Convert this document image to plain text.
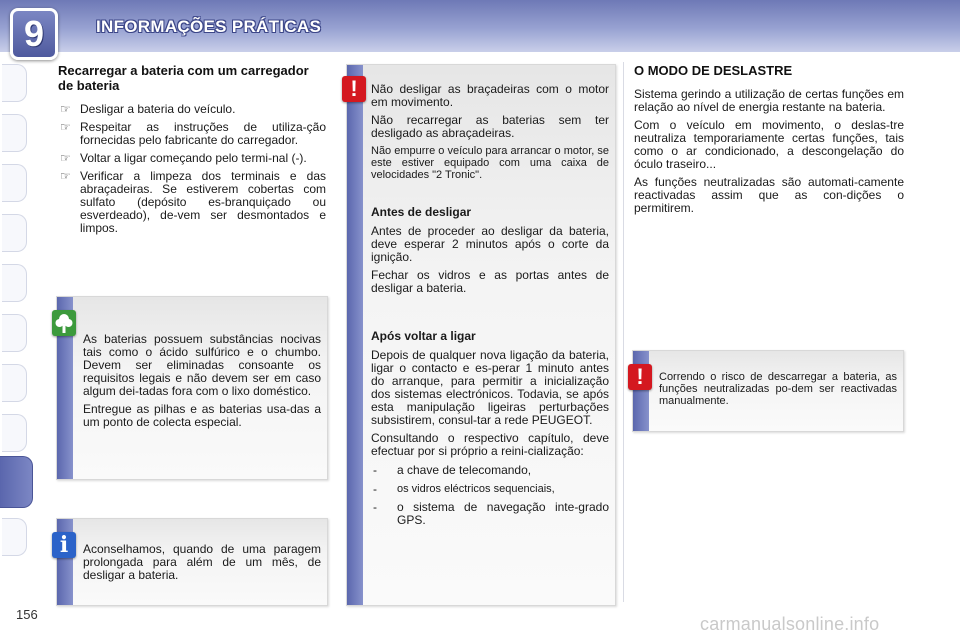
9	INFORMAÇÕES PRÁTICAS
Recarregar a bateria com um carregador de bateria
☞ Desligar a bateria do veículo.
☞ Respeitar as instruções de utiliza-ção fornecidas pelo fabricante do carregador.
☞ Voltar a ligar começando pelo termi-nal (-).
☞ Verificar a limpeza dos terminais e das abraçadeiras. Se estiverem cobertas com sulfato (depósito es-branquiçado ou esverdeado), de-vem ser desmontados e limpos.

As baterias possuem substâncias nocivas tais como o ácido sulfúrico e o chumbo. Devem ser eliminadas consoante os requisitos legais e não devem ser em caso algum dei-tadas fora com o lixo doméstico.

Entregue as pilhas e as baterias usa-das a um ponto de colecta especial.

Aconselhamos, quando de uma paragem prolongada para além de um mês, de desligar a bateria.

i

Não desligar as braçadeiras com o motor em movimento.

Não recarregar as baterias sem ter desligado as abraçadeiras.

Não empurre o veículo para arrancar o motor, se este estiver equipado com uma caixa de velocidades "2 Tronic".

Antes de desligar

Antes de proceder ao desligar da bateria, deve esperar 2 minutos após o corte da ignição.

Fechar os vidros e as portas antes de desligar a bateria.

Após voltar a ligar

Depois de qualquer nova ligação da bateria, ligar o contacto e es-perar 1 minuto antes do arranque, para permitir a inicialização dos sistemas electrónicos. Todavia, se após esta manipulação ligeiras perturbações subsistirem, consul-tar a rede PEUGEOT.

Consultando o respectivo capítulo, deve efectuar por si próprio a reini-cialização:

- a chave de telecomando,

- os vidros eléctricos sequenciais,

- o sistema de navegação inte-grado GPS.

!
O MODO DE DESLASTRE

Sistema gerindo a utilização de certas funções em relação ao nível de energia restante na bateria.

Com o veículo em movimento, o deslas-tre neutraliza temporariamente certas funções, tais como o ar condicionado, a descongelação do óculo traseiro...

As funções neutralizadas são automati-camente reactivadas assim que as con-dições o permitirem.

Correndo o risco de descarregar a bateria, as funções neutralizadas po-dem ser reactivadas manualmente.

!
156	carmanualsonline.info
